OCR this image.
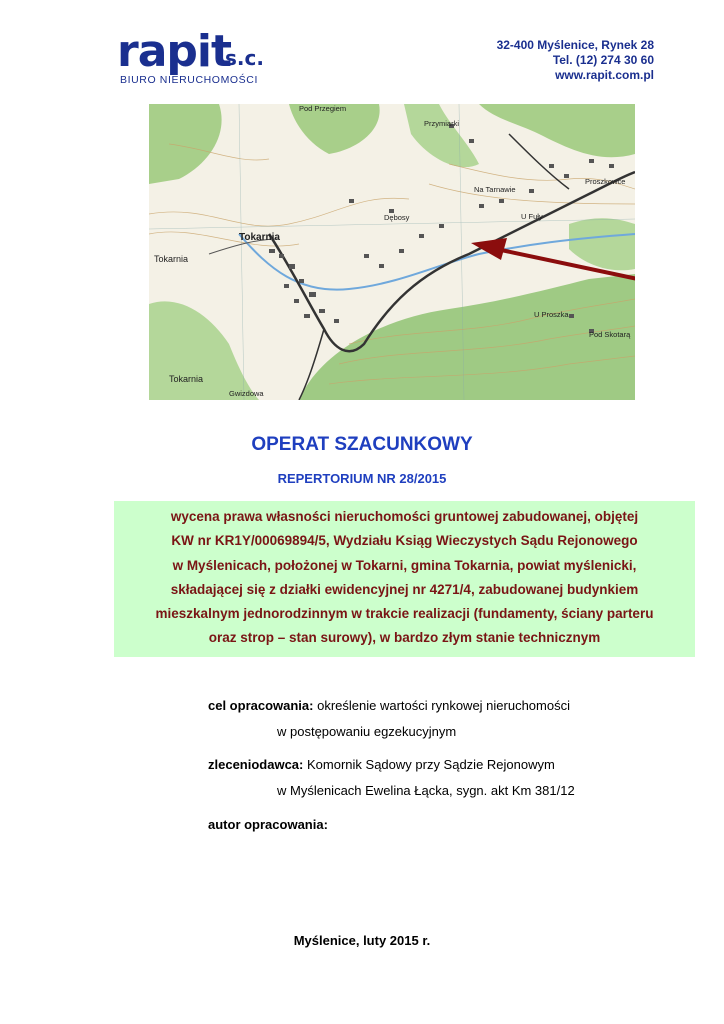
rapit
s.c.
BIURO NIERUCHOMOŚCI
32-400 Myślenice, Rynek 28
Tel. (12) 274 30 60
www.rapit.com.pl
Przymiarki
Na Tarnawie
Pod Przegiem
Proszkowce
Dębosy	U Fuły
Tokarnia
Tokarnia
Tokarnia
U Proszka
Pod Skotarą
Gwizdowa
OPERAT SZACUNKOWY
REPERTORIUM NR 28/2015

wycena prawa własności nieruchomości gruntowej zabudowanej, objętej
KW nr KR1Y/00069894/5, Wydziału Ksiąg Wieczystych Sądu Rejonowego
w Myślenicach, położonej w Tokarni, gmina Tokarnia, powiat myślenicki,
składającej się z działki ewidencyjnej nr 4271/4, zabudowanej budynkiem
mieszkalnym jednorodzinnym w trakcie realizacji (fundamenty, ściany parteru
oraz strop – stan surowy), w bardzo złym stanie technicznym

cel opracowania: określenie wartości rynkowej nieruchomości
w postępowaniu egzekucyjnym
zleceniodawca: Komornik Sądowy przy Sądzie Rejonowym
w Myślenicach Ewelina Łącka, sygn. akt Km 381/12
autor opracowania:
Myślenice, luty 2015 r.
